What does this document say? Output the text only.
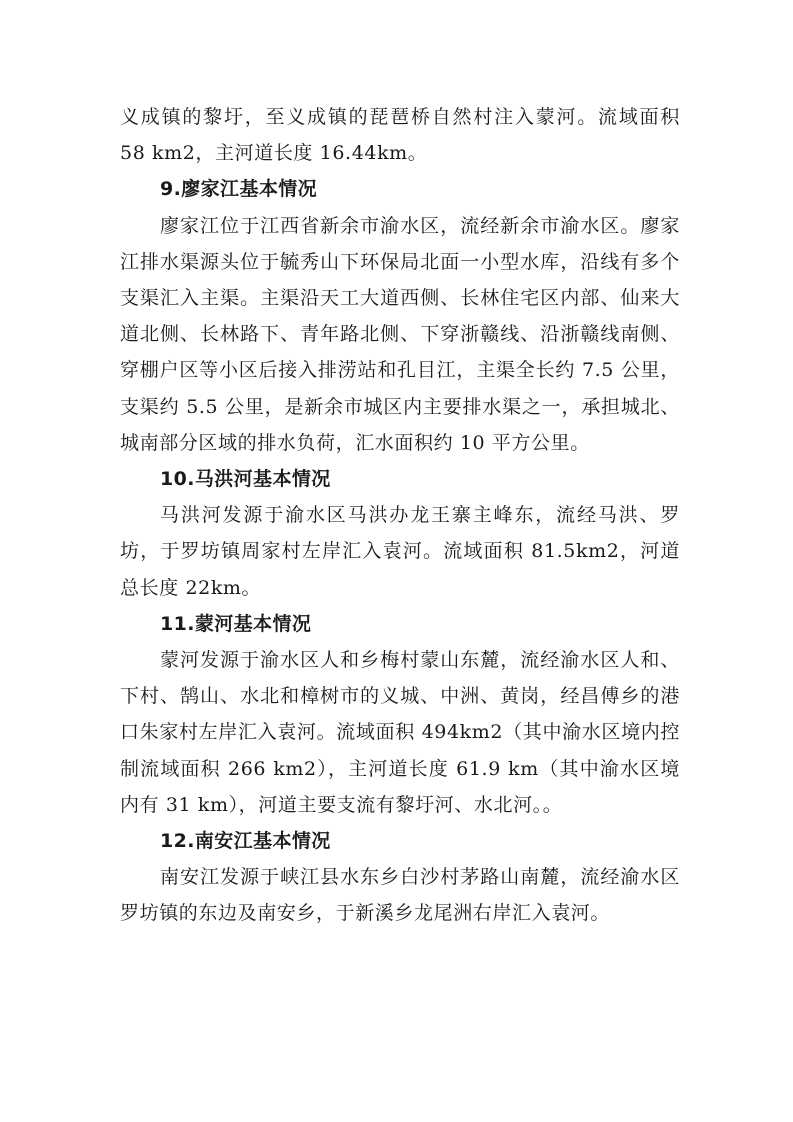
义成镇的黎圩，至义成镇的琵琶桥自然村注入蒙河。流域面积 58 km2，主河道长度 16.44km。

9.廖家江基本情况

廖家江位于江西省新余市渝水区，流经新余市渝水区。廖家江排水渠源头位于毓秀山下环保局北面一小型水库，沿线有多个支渠汇入主渠。主渠沿天工大道西侧、长林住宅区内部、仙来大道北侧、长林路下、青年路北侧、下穿浙赣线、沿浙赣线南侧、穿棚户区等小区后接入排涝站和孔目江，主渠全长约 7.5 公里，支渠约 5.5 公里，是新余市城区内主要排水渠之一，承担城北、城南部分区域的排水负荷，汇水面积约 10 平方公里。

10.马洪河基本情况

马洪河发源于渝水区马洪办龙王寨主峰东，流经马洪、罗坊，于罗坊镇周家村左岸汇入袁河。流域面积 81.5km2，河道总长度 22km。

11.蒙河基本情况

蒙河发源于渝水区人和乡梅村蒙山东麓，流经渝水区人和、下村、鹄山、水北和樟树市的义城、中洲、黄岗，经昌傅乡的港口朱家村左岸汇入袁河。流域面积 494km2（其中渝水区境内控制流域面积 266 km2），主河道长度 61.9 km（其中渝水区境内有 31 km），河道主要支流有黎圩河、水北河。。

12.南安江基本情况

南安江发源于峡江县水东乡白沙村茅路山南麓，流经渝水区罗坊镇的东边及南安乡，于新溪乡龙尾洲右岸汇入袁河。
